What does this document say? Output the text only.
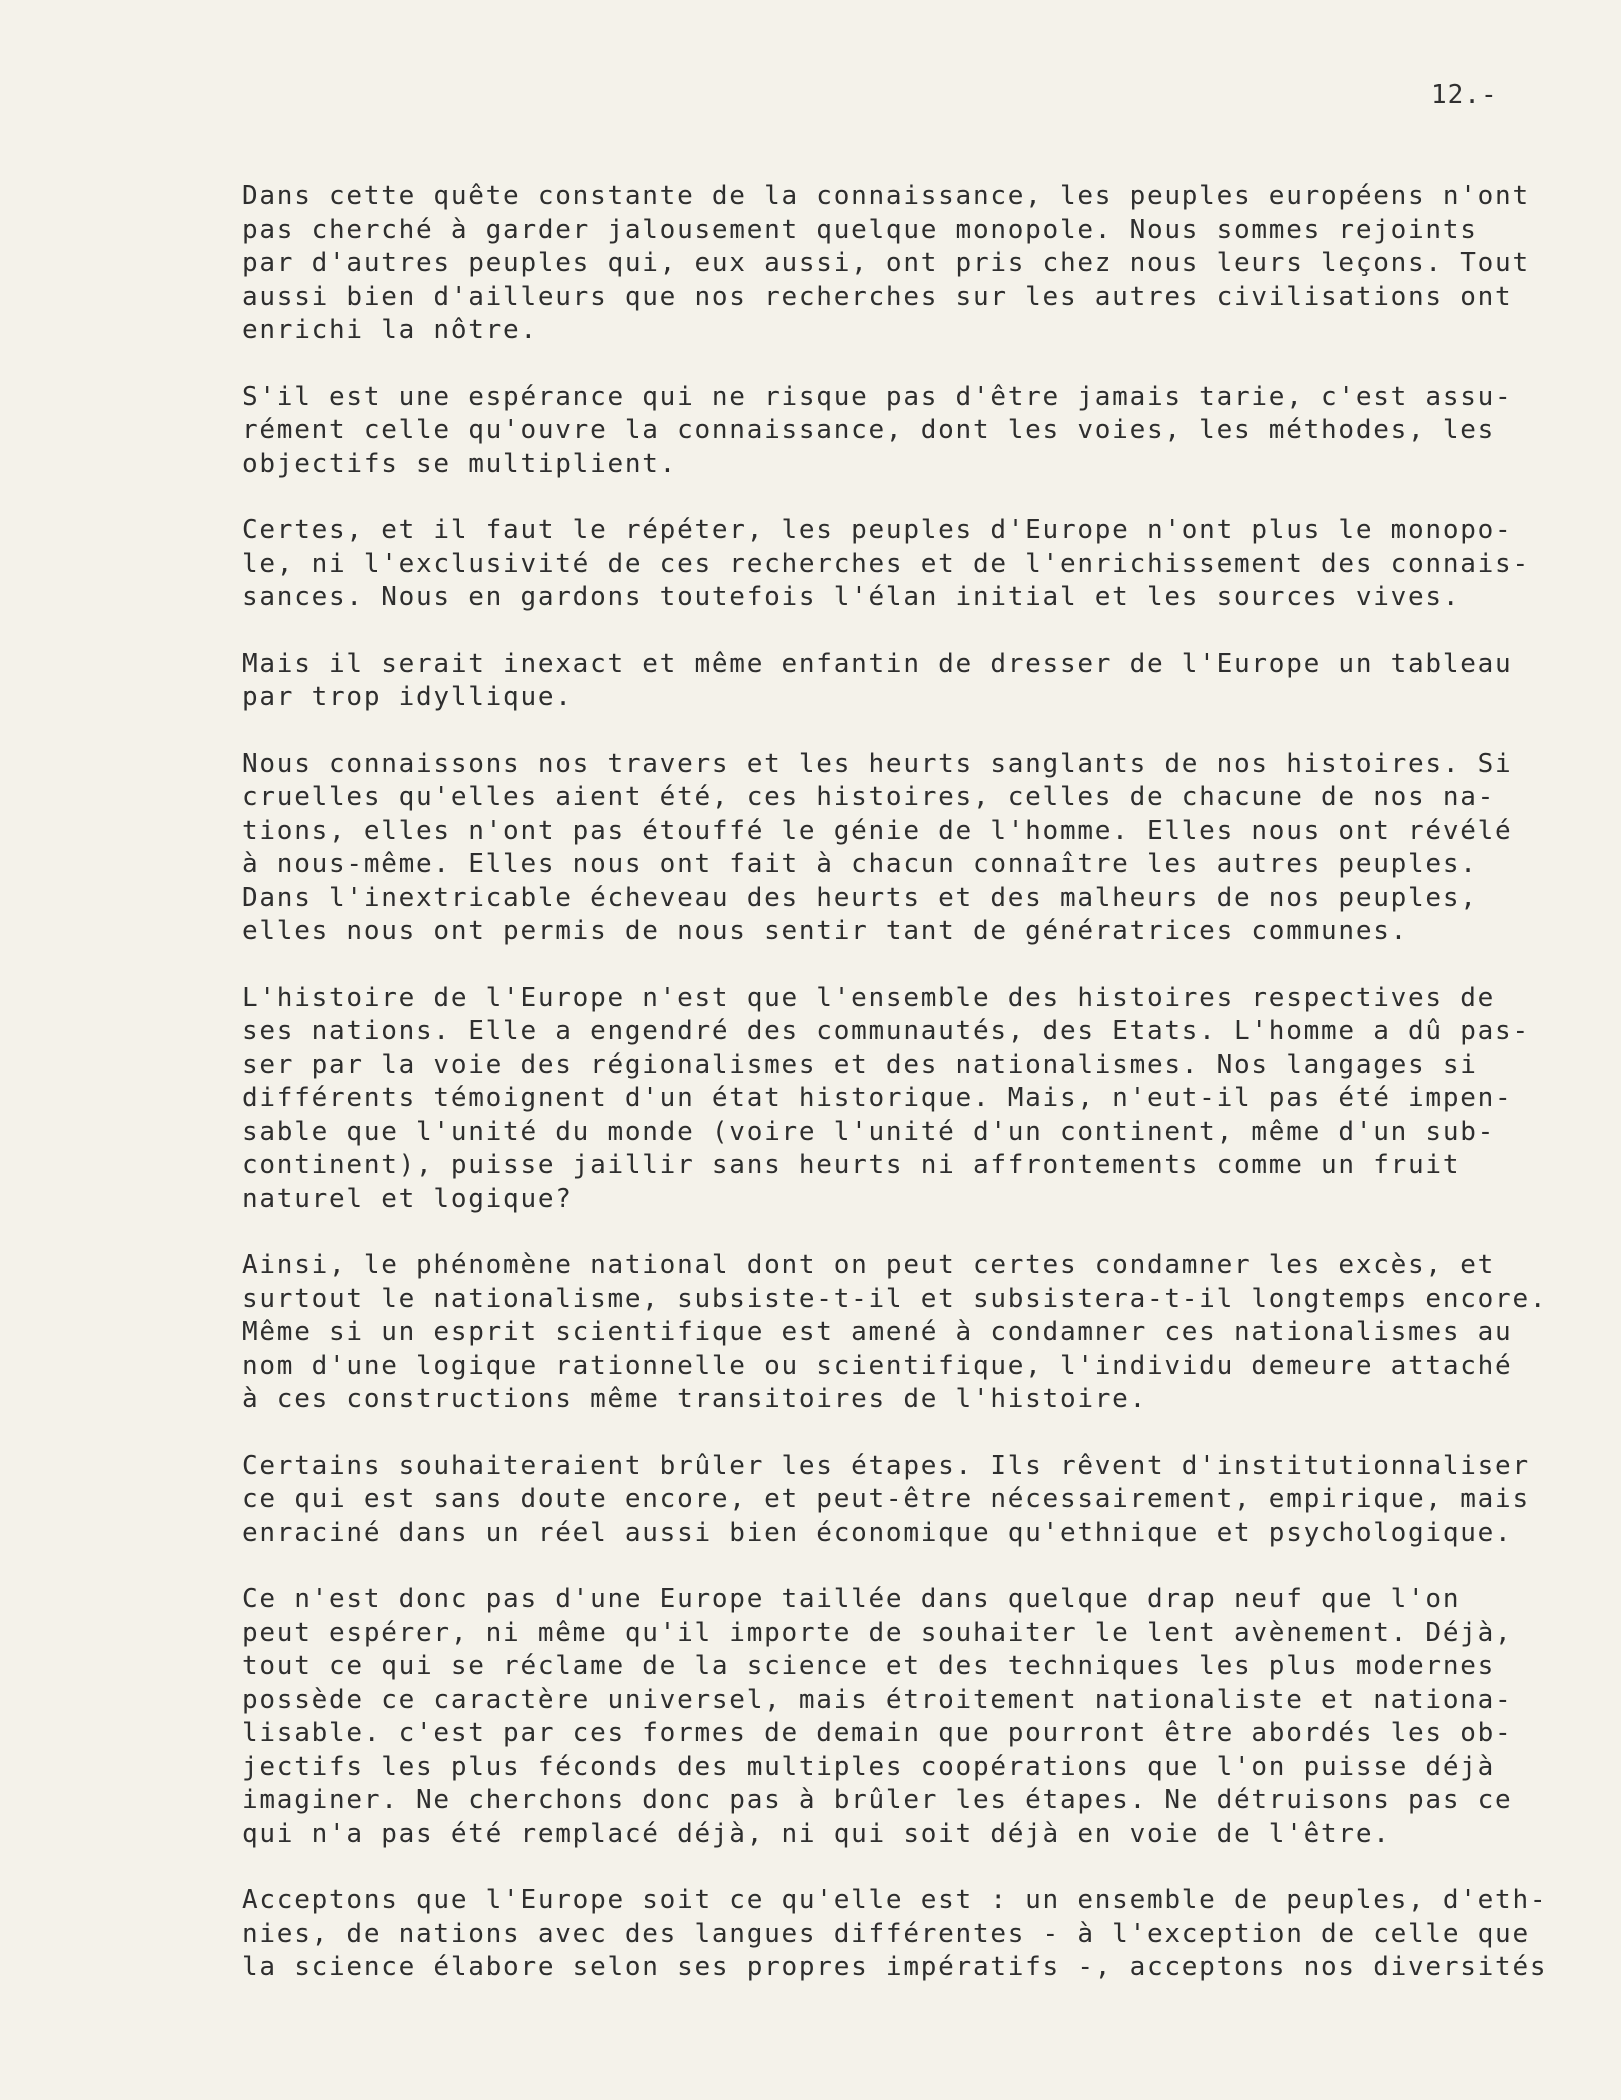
12.-
Dans cette quête constante de la connaissance, les peuples européens n'ont
pas cherché à garder jalousement quelque monopole. Nous sommes rejoints
par d'autres peuples qui, eux aussi, ont pris chez nous leurs leçons. Tout
aussi bien d'ailleurs que nos recherches sur les autres civilisations ont
enrichi la nôtre.
S'il est une espérance qui ne risque pas d'être jamais tarie, c'est assu-
rément celle qu'ouvre la connaissance, dont les voies, les méthodes, les
objectifs se multiplient.
Certes, et il faut le répéter, les peuples d'Europe n'ont plus le monopo-
le, ni l'exclusivité de ces recherches et de l'enrichissement des connais-
sances. Nous en gardons toutefois l'élan initial et les sources vives.
Mais il serait inexact et même enfantin de dresser de l'Europe un tableau
par trop idyllique.
Nous connaissons nos travers et les heurts sanglants de nos histoires. Si
cruelles qu'elles aient été, ces histoires, celles de chacune de nos na-
tions, elles n'ont pas étouffé le génie de l'homme. Elles nous ont révélé
à nous-même. Elles nous ont fait à chacun connaître les autres peuples.
Dans l'inextricable écheveau des heurts et des malheurs de nos peuples,
elles nous ont permis de nous sentir tant de génératrices communes.
L'histoire de l'Europe n'est que l'ensemble des histoires respectives de
ses nations. Elle a engendré des communautés, des Etats. L'homme a dû pas-
ser par la voie des régionalismes et des nationalismes. Nos langages si
différents témoignent d'un état historique. Mais, n'eut-il pas été impen-
sable que l'unité du monde (voire l'unité d'un continent, même d'un sub-
continent), puisse jaillir sans heurts ni affrontements comme un fruit
naturel et logique?
Ainsi, le phénomène national dont on peut certes condamner les excès, et
surtout le nationalisme, subsiste-t-il et subsistera-t-il longtemps encore.
Même si un esprit scientifique est amené à condamner ces nationalismes au
nom d'une logique rationnelle ou scientifique, l'individu demeure attaché
à ces constructions même transitoires de l'histoire.
Certains souhaiteraient brûler les étapes. Ils rêvent d'institutionnaliser
ce qui est sans doute encore, et peut-être nécessairement, empirique, mais
enraciné dans un réel aussi bien économique qu'ethnique et psychologique.
Ce n'est donc pas d'une Europe taillée dans quelque drap neuf que l'on
peut espérer, ni même qu'il importe de souhaiter le lent avènement. Déjà,
tout ce qui se réclame de la science et des techniques les plus modernes
possède ce caractère universel, mais étroitement nationaliste et nationa-
lisable. c'est par ces formes de demain que pourront être abordés les ob-
jectifs les plus féconds des multiples coopérations que l'on puisse déjà
imaginer. Ne cherchons donc pas à brûler les étapes. Ne détruisons pas ce
qui n'a pas été remplacé déjà, ni qui soit déjà en voie de l'être.
Acceptons que l'Europe soit ce qu'elle est : un ensemble de peuples, d'eth-
nies, de nations avec des langues différentes - à l'exception de celle que
la science élabore selon ses propres impératifs -, acceptons nos diversités
